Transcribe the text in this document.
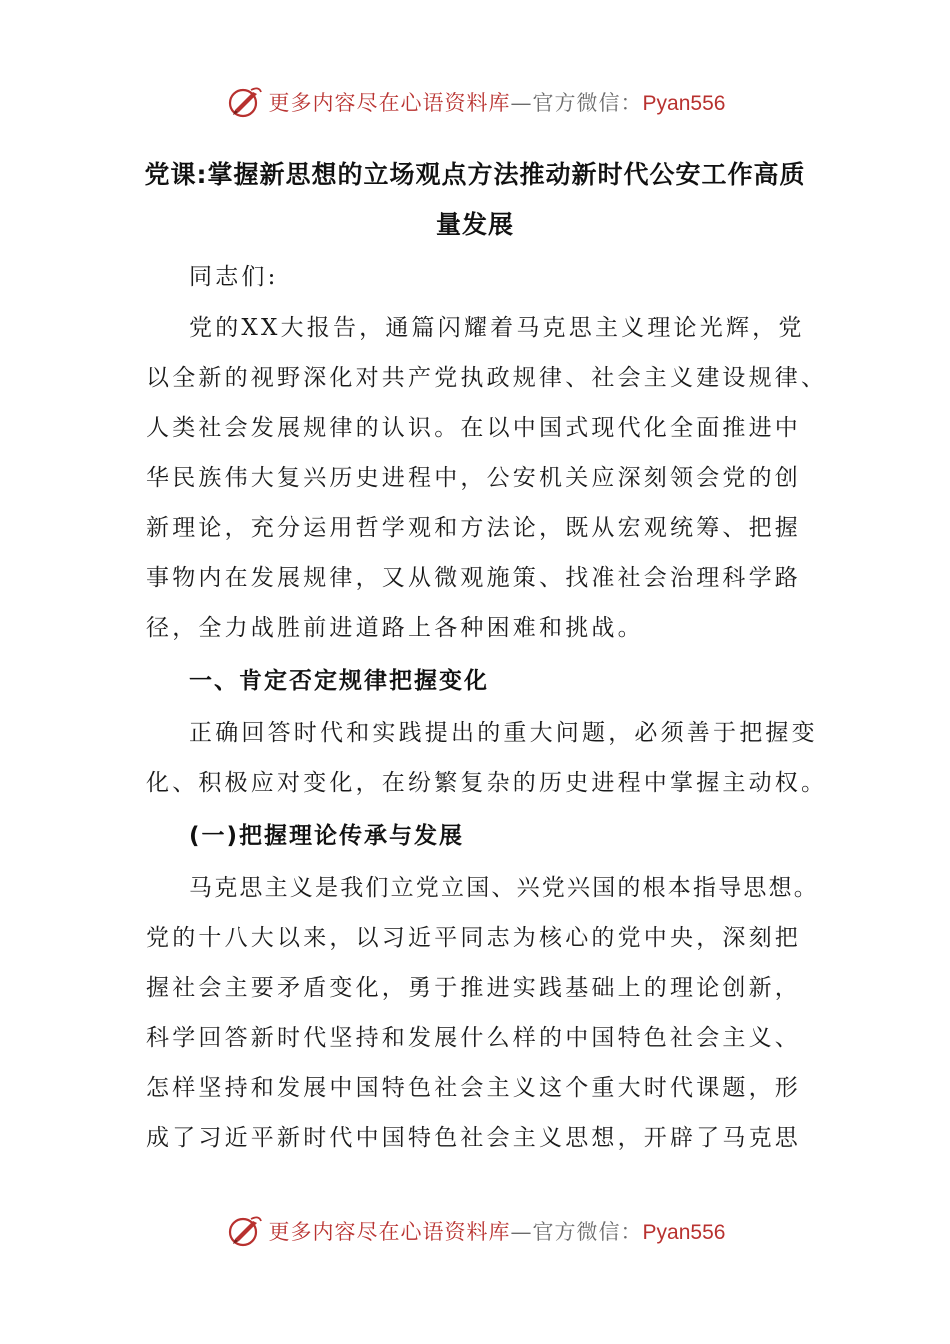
更多内容尽在心语资料库—官方微信：Pyan556
党课:掌握新思想的立场观点方法推动新时代公安工作高质
量发展
同志们:
党的XX大报告，通篇闪耀着马克思主义理论光辉，党
以全新的视野深化对共产党执政规律、社会主义建设规律、
人类社会发展规律的认识。在以中国式现代化全面推进中
华民族伟大复兴历史进程中，公安机关应深刻领会党的创
新理论，充分运用哲学观和方法论，既从宏观统筹、把握
事物内在发展规律，又从微观施策、找准社会治理科学路
径，全力战胜前进道路上各种困难和挑战。
一、肯定否定规律把握变化
正确回答时代和实践提出的重大问题，必须善于把握变
化、积极应对变化，在纷繁复杂的历史进程中掌握主动权。
(一)把握理论传承与发展
马克思主义是我们立党立国、兴党兴国的根本指导思想。
党的十八大以来，以习近平同志为核心的党中央，深刻把
握社会主要矛盾变化，勇于推进实践基础上的理论创新，
科学回答新时代坚持和发展什么样的中国特色社会主义、
怎样坚持和发展中国特色社会主义这个重大时代课题，形
成了习近平新时代中国特色社会主义思想，开辟了马克思
更多内容尽在心语资料库—官方微信：Pyan556
